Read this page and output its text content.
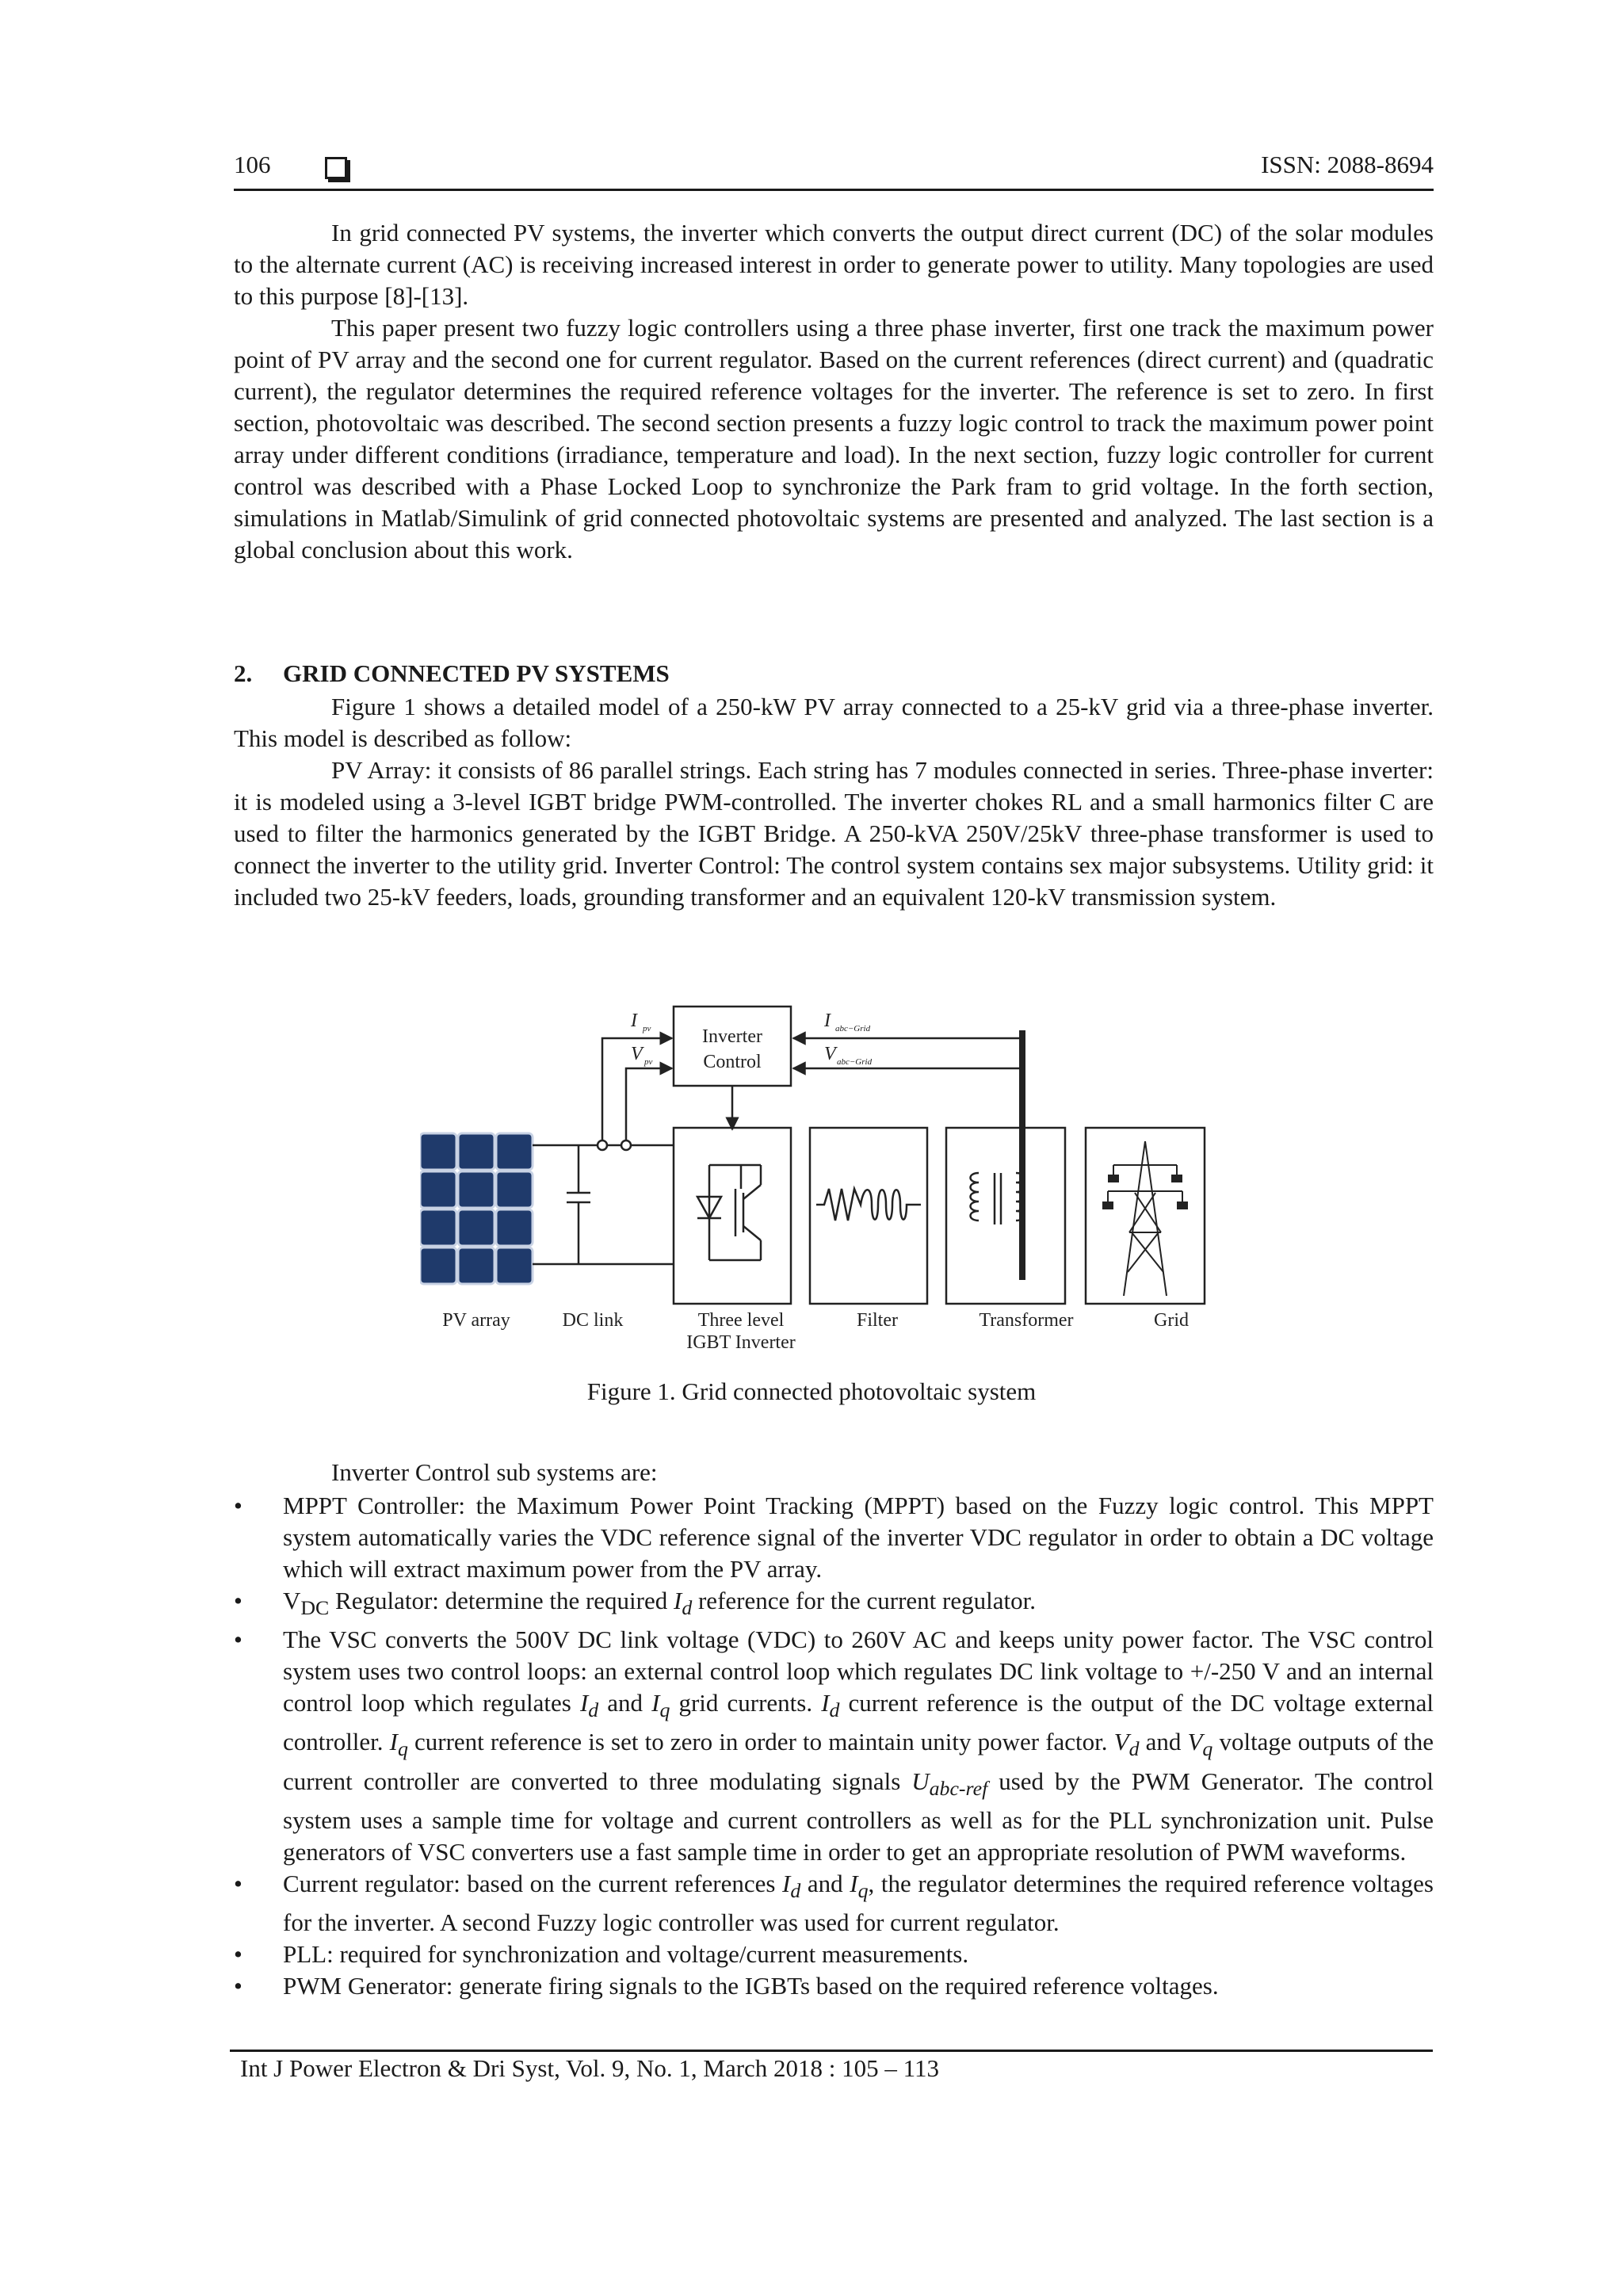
106	ISSN: 2088-8694

In grid connected PV systems, the inverter which converts the output direct current (DC) of the solar modules to the alternate current (AC) is receiving increased interest in order to generate power to utility. Many topologies are used to this purpose [8]-[13].

This paper present two fuzzy logic controllers using a three phase inverter, first one track the maximum power point of PV array and the second one for current regulator. Based on the current references (direct current) and (quadratic current), the regulator determines the required reference voltages for the inverter. The reference is set to zero. In first section, photovoltaic was described. The second section presents a fuzzy logic control to track the maximum power point array under different conditions (irradiance, temperature and load). In the next section, fuzzy logic controller for current control was described with a Phase Locked Loop to synchronize the Park fram to grid voltage. In the forth section, simulations in Matlab/Simulink of grid connected photovoltaic systems are presented and analyzed. The last section is a global conclusion about this work.

2. GRID CONNECTED PV SYSTEMS

Figure 1 shows a detailed model of a 250-kW PV array connected to a 25-kV grid via a three-phase inverter. This model is described as follow:

PV Array: it consists of 86 parallel strings. Each string has 7 modules connected in series. Three-phase inverter: it is modeled using a 3-level IGBT bridge PWM-controlled. The inverter chokes RL and a small harmonics filter C are used to filter the harmonics generated by the IGBT Bridge. A 250-kVA 250V/25kV three-phase transformer is used to connect the inverter to the utility grid. Inverter Control: The control system contains sex major subsystems. Utility grid: it included two 25-kV feeders, loads, grounding transformer and an equivalent 120-kV transmission system.

Inverter
Control
I pv
V pv
I abc−Grid
V abc−Grid
PV array	DC link	Three level
IGBT Inverter
Filter	Transformer	Grid
Figure 1. Grid connected photovoltaic system
Inverter Control sub systems are:
• MPPT Controller: the Maximum Power Point Tracking (MPPT) based on the Fuzzy logic control. This MPPT system automatically varies the VDC reference signal of the inverter VDC regulator in order to obtain a DC voltage which will extract maximum power from the PV array.
• $V_{DC}$ Regulator: determine the required $I_d$ reference for the current regulator.
• The VSC converts the 500V DC link voltage (VDC) to 260V AC and keeps unity power factor. The VSC control system uses two control loops: an external control loop which regulates DC link voltage to +/-250 V and an internal control loop which regulates $I_d$ and $I_q$ grid currents. $I_d$ current reference is the output of the DC voltage external controller. $I_q$ current reference is set to zero in order to maintain unity power factor. $V_d$ and $V_q$ voltage outputs of the current controller are converted to three modulating signals $U_{abc-ref}$ used by the PWM Generator. The control system uses a sample time for voltage and current controllers as well as for the PLL synchronization unit. Pulse generators of VSC converters use a fast sample time in order to get an appropriate resolution of PWM waveforms.
• Current regulator: based on the current references $I_d$ and $I_q$, the regulator determines the required reference voltages for the inverter. A second Fuzzy logic controller was used for current regulator.
• PLL: required for synchronization and voltage/current measurements.
• PWM Generator: generate firing signals to the IGBTs based on the required reference voltages.
Int J Power Electron & Dri Syst, Vol. 9, No. 1, March 2018 : 105 – 113
